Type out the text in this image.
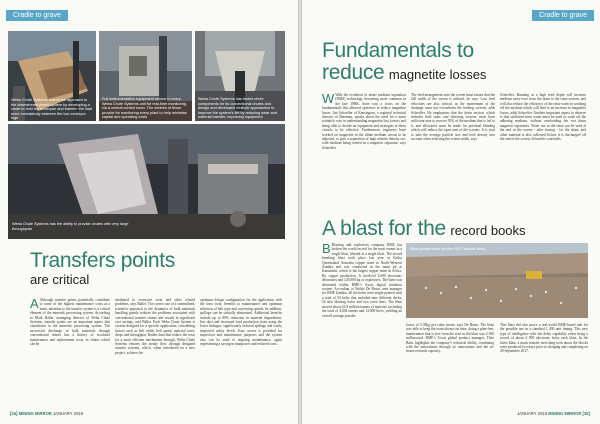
Cradle to grave
Weba Chute Systems solved the approach to the downstream (feed) system by developing a chute to hold the underpan and transfer the load more consistently between the two conveyor legs
Full instrumentation equipment sensor in every Weba Chute Systems unit for real-time monitoring, via a central control room. The centres of those provide for monitoring every plant to help minimise capital and operating costs
Weba Chute Systems has tested chute components for its conventional chutes and design and developed multiple approaches to improve the system's life by reducing wear and material transfer, improving equipment
Weba Chute Systems has the ability to provide chutes with very large throughputs
Transfers points
are critical
A Although transfer points potentially contribute to some of the highest maintenance costs at a mine, attention to the transfer system is a critical element of the minerals processing system. According to Mark Baller, managing director of Weba Chute Systems, transfer points are an important aspect that contributes to the minerals processing system. The successful discharge of bulk materials through conventional chutes has a history of escalated maintenance and replacement costs, as chutes which can be
attributed to excessive wear and other related problems, says Baller. The correct use of a streamlined, scientific approach to the dynamics of bulk materials handling greatly reduces the problems associated with conventional transfer chutes and results in significant cost savings, said Baller. Each Weba Chute System is custom designed for a specific application, considering factors such as belt width, belt speed, material sizes, drops and throughput. Rather than that reduce the wear for a more efficient mechanism through, Weba Chute Systems ensures the steady flow through designed transfer systems, which, when introduced on a new project, achieve the
optimum design configuration for the application with the least wear, benefits to maintenance and optimum selection of belt type and conveying speeds. In addition, spillage can be virtually eliminated. Additional benefits include up to 80% reduction in material degradation, less dust and increased load production from using the lower linkages, significantly reduced spillage and vastly improved safety levels. Easy access is provided for inspection and maintenance purposes and the system also can be used to ongoing maintenance, again representing a saving in manpower and reduced costs.
[34] MINING MIRROR JANUARY 2018
Cradle to grave
Fundamentals to
reduce magnetite losses
W With the evolution of dense medium separation (DMS) technology becoming more common in the late 1980s, there was a focus on the fundamentals that allowed operators to reduce magnetite losses. Ian Schoeffer of Kensington, a regional technical director of Bateman, speaks about the need for a more scientific way in understanding magnetite loss factors and being able to decide on equipment and strategies at these circuits to be effective. Furthermore, engineers have worked on magnetite in the dilute medium circuit to be adjusted, to give a separation of high relative density ore, with medium being wetted in a magnetic separator, says Schoeffer.
The feed arrangement onto the screen must ensure that the full width of the screen is utilised, he says. Low feed velocities are also critical, as the momentum of the drainage must not overwhelm the feeding screens, adds Schoeffer. He emphasises that the drain section, which includes both static and vibrating screens, must have sufficient area to recover 95% of the medium that is fed to it, and allowance must be made for potential blinding which will reduce the open area of the screens. It is vital to take the average particle size and feed density into account when selecting the screen width, says
Schoeffer. Running at a high feed depth will increase medium carry-over from the drain to the rinse section, and will also reduce the efficiency of the rinse water in washing off the medium which will lead to an increase in magnetite losses, adds Schoeffer. Another important aspect to observe is that sufficient rinse water must be used to wash off the adhering medium, without overloading the wet drum magnetic separators. Water use in the rinse can be used at the end of the screen - after rinsing - for the drain, and other material is also collected before it is discharged off the end of the screen, Schoeffer concludes.
A blast for the record books
Blast preparation for the 2017 record blast.
B Blasting and explosives company BME has broken the world record for the most tonnes in a single blast, blasted at a single blast. The record breaking blast took place last year at Kathu Queensland Australia copper mine in North-Western Zambia and was conducted in the main pit at Kansanshi, which is the largest copper mine in Africa. By copper production. It involved 4,690 electronic detonators and 120,000 kg of explosives. The blast was detonated within BME’s Axxis digital initiation system. According to Waldo De Bruin, area manager for BME Zambia, all the holes were single-primed with a total of 54 holes that included nine different decks, 54 shot blasting holes and two extra lines. The blast moved about 41.8 million tonnes of material, including the total of 4,694 tonnes and 14,000 litres, yielding an overall average powder
factor of 0.38kg per cubic metre, says De Bruin. The blast was able to keep the team always on time, doing a plan-free, maintenance that is free from the start as the blast was 4 500 millisecond. BME’s Axxis global product manager, Theo Bain, highlights the company’s technical ability, combining with the innovations through its innovations and the in-house research capacity.
This blast did also prove a real-world BME-based unit for the possible use as a standard 1 400 unit timing. This new type of intelligence with the delay capability when firing a record of about 4 900 electronic holes each blast. In the latest blast, a main transfer stretching took about the blocks were produced two days prior to charging and completing on 28 September 2017.
JANUARY 2018 MINING MIRROR [35]
